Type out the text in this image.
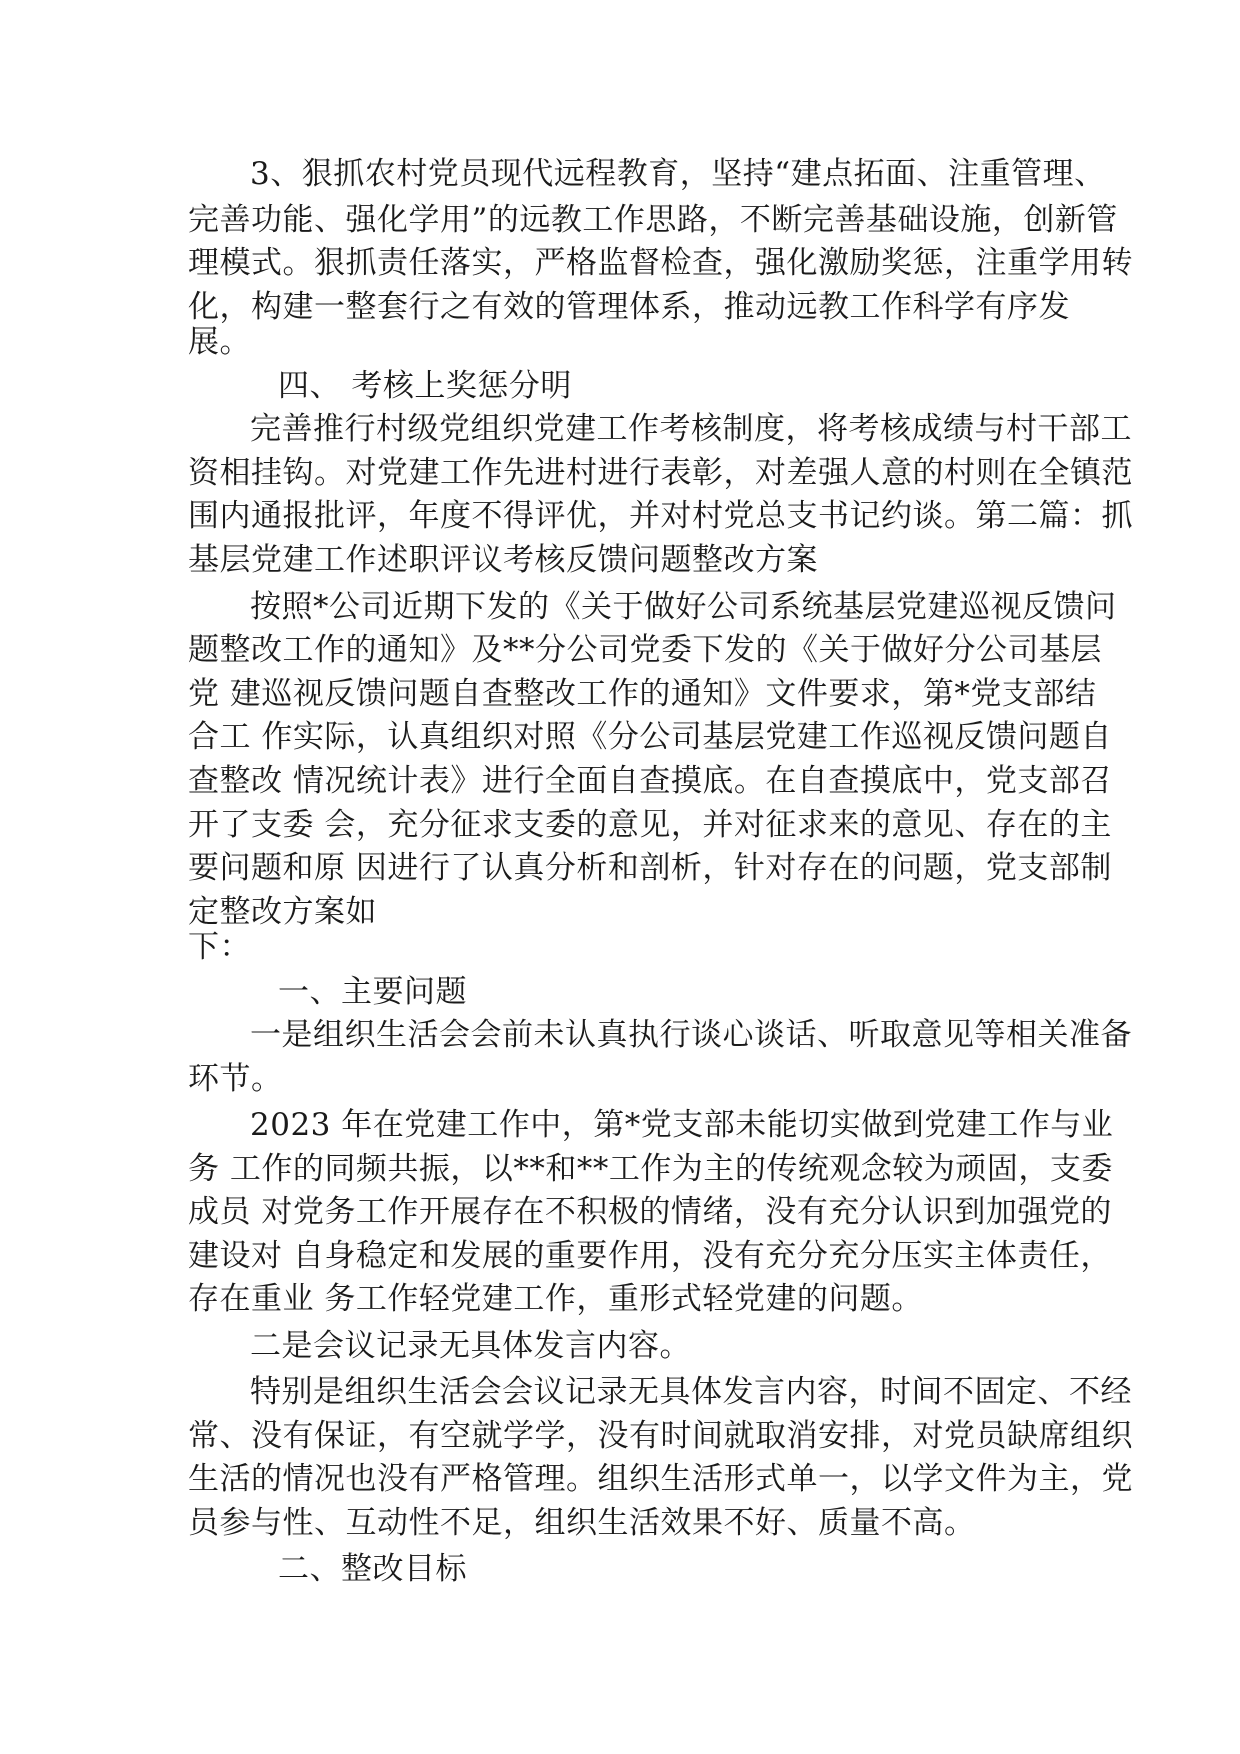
3、狠抓农村党员现代远程教育，坚持“建点拓面、注重管理、

完善功能、强化学用”的远教工作思路，不断完善基础设施，创新管

理模式。狠抓责任落实，严格监督检查，强化激励奖惩，注重学用转

化，构建一整套行之有效的管理体系，推动远教工作科学有序发

展。

四、 考核上奖惩分明

完善推行村级党组织党建工作考核制度，将考核成绩与村干部工

资相挂钩。对党建工作先进村进行表彰，对差强人意的村则在全镇范

围内通报批评，年度不得评优，并对村党总支书记约谈。第二篇：抓

基层党建工作述职评议考核反馈问题整改方案

按照*公司近期下发的《关于做好公司系统基层党建巡视反馈问

题整改工作的通知》及**分公司党委下发的《关于做好分公司基层

党 建巡视反馈问题自查整改工作的通知》文件要求，第*党支部结

合工 作实际，认真组织对照《分公司基层党建工作巡视反馈问题自

查整改 情况统计表》进行全面自查摸底。在自查摸底中，党支部召

开了支委 会，充分征求支委的意见，并对征求来的意见、存在的主

要问题和原 因进行了认真分析和剖析，针对存在的问题，党支部制

定整改方案如

下：

一、主要问题

一是组织生活会会前未认真执行谈心谈话、听取意见等相关准备

环节。

2023 年在党建工作中，第*党支部未能切实做到党建工作与业

务 工作的同频共振，以**和**工作为主的传统观念较为顽固，支委

成员 对党务工作开展存在不积极的情绪，没有充分认识到加强党的

建设对 自身稳定和发展的重要作用，没有充分充分压实主体责任，

存在重业 务工作轻党建工作，重形式轻党建的问题。

二是会议记录无具体发言内容。

特别是组织生活会会议记录无具体发言内容，时间不固定、不经

常、没有保证，有空就学学，没有时间就取消安排，对党员缺席组织

生活的情况也没有严格管理。组织生活形式单一，以学文件为主，党

员参与性、互动性不足，组织生活效果不好、质量不高。

二、整改目标
